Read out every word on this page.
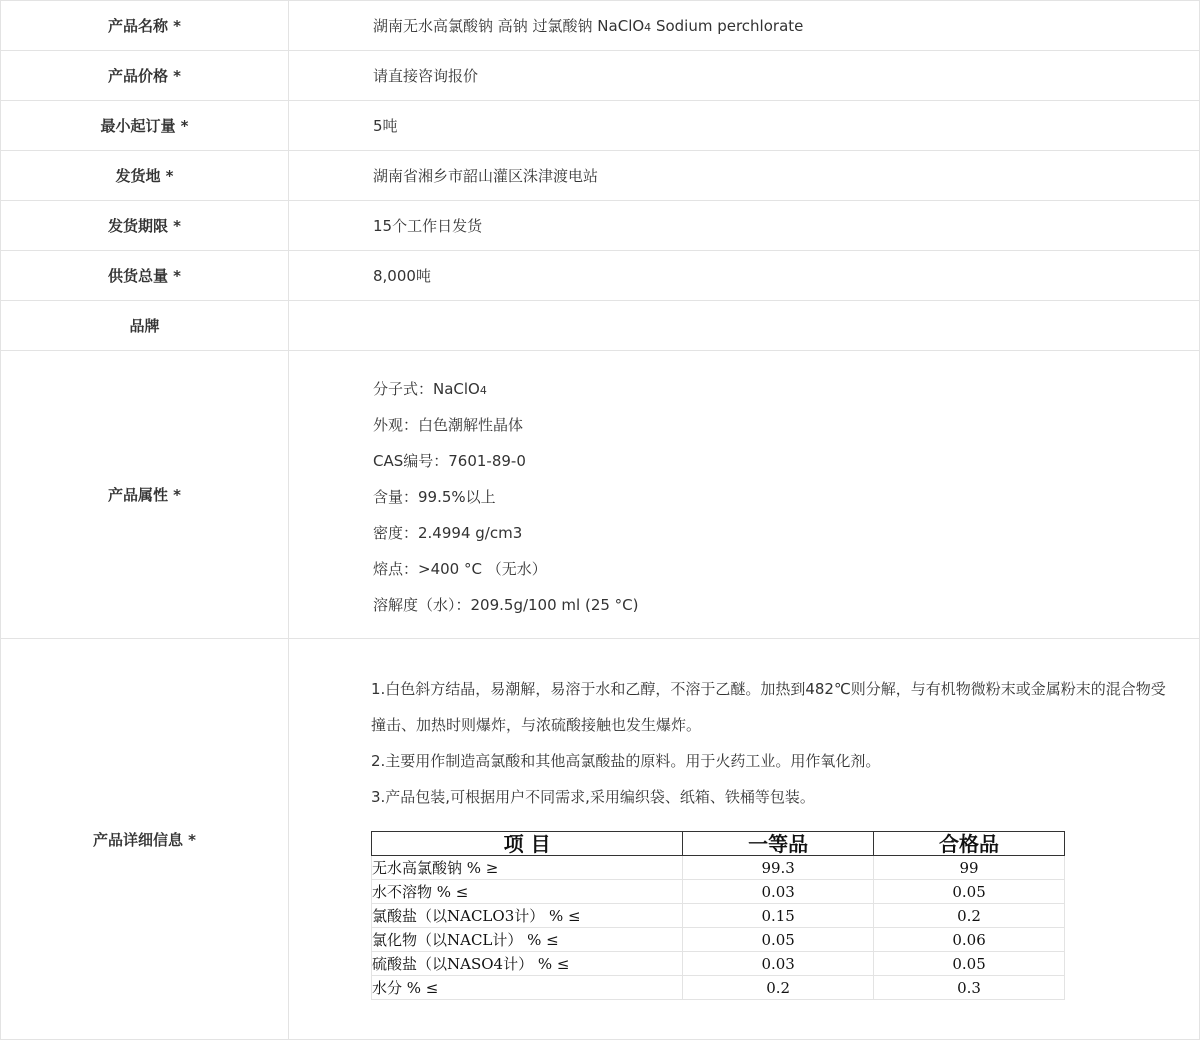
产品名称 *	湖南无水高氯酸钠 高钠 过氯酸钠 NaClO4 Sodium perchlorate
产品价格 *	请直接咨询报价
最小起订量 *	5吨
发货地 *	湖南省湘乡市韶山灌区洙津渡电站
发货期限 *	15个工作日发货
供货总量 *	8,000吨
品牌	
产品属性 *	
分子式：NaClO4
外观：白色潮解性晶体
CAS编号：7601-89-0
含量：99.5%以上
密度：2.4994 g/cm3
熔点：>400 °C （无水）
溶解度（水）：209.5g/100 ml (25 °C)

产品详细信息 *	
1.白色斜方结晶，易潮解，易溶于水和乙醇，不溶于乙醚。加热到482℃则分解，与有机物微粉末或金属粉末的混合物受撞击、加热时则爆炸，与浓硫酸接触也发生爆炸。
2.主要用作制造高氯酸和其他高氯酸盐的原料。用于火药工业。用作氧化剂。
3.产品包装,可根据用户不同需求,采用编织袋、纸箱、铁桶等包装。
项 目	一等品	合格品
无水高氯酸钠 % ≥	99.3	99
水不溶物 % ≤	0.03	0.05
氯酸盐（以NACLO3计） % ≤	0.15	0.2
氯化物（以NACL计） % ≤	0.05	0.06
硫酸盐（以NASO4计） % ≤	0.03	0.05
水分 % ≤	0.2	0.3
